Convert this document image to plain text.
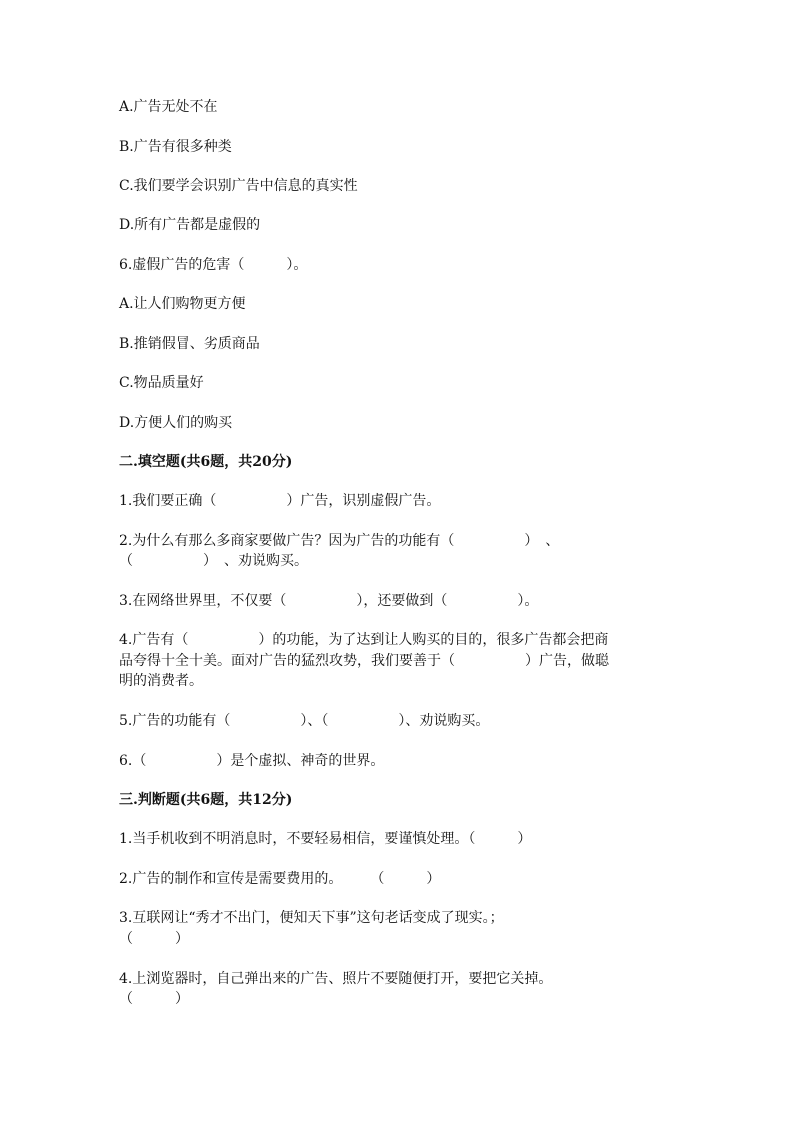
A.广告无处不在
B.广告有很多种类
C.我们要学会识别广告中信息的真实性
D.所有广告都是虚假的
6.虚假广告的危害（　　　）。
A.让人们购物更方便
B.推销假冒、劣质商品
C.物品质量好
D.方便人们的购买
二.填空题(共6题，共20分)
1.我们要正确（　　　　　）广告，识别虚假广告。
2.为什么有那么多商家要做广告？因为广告的功能有（　　　　　）　、
（　　　　　）　、劝说购买。
3.在网络世界里，不仅要（　　　　　），还要做到（　　　　　）。
4.广告有（　　　　　）的功能，为了达到让人购买的目的，很多广告都会把商
品夸得十全十美。面对广告的猛烈攻势，我们要善于（　　　　　）广告，做聪
明的消费者。
5.广告的功能有（　　　　　）、（　　　　　）、劝说购买。
6.（　　　　　）是个虚拟、神奇的世界。
三.判断题(共6题，共12分)
1.当手机收到不明消息时，不要轻易相信，要谨慎处理。（　　　）
2.广告的制作和宣传是需要费用的。　　　（　　　）
3.互联网让“秀才不出门，便知天下事”这句老话变成了现实。；
（　　　）
4.上浏览器时，自己弹出来的广告、照片不要随便打开，要把它关掉。
（　　　）
